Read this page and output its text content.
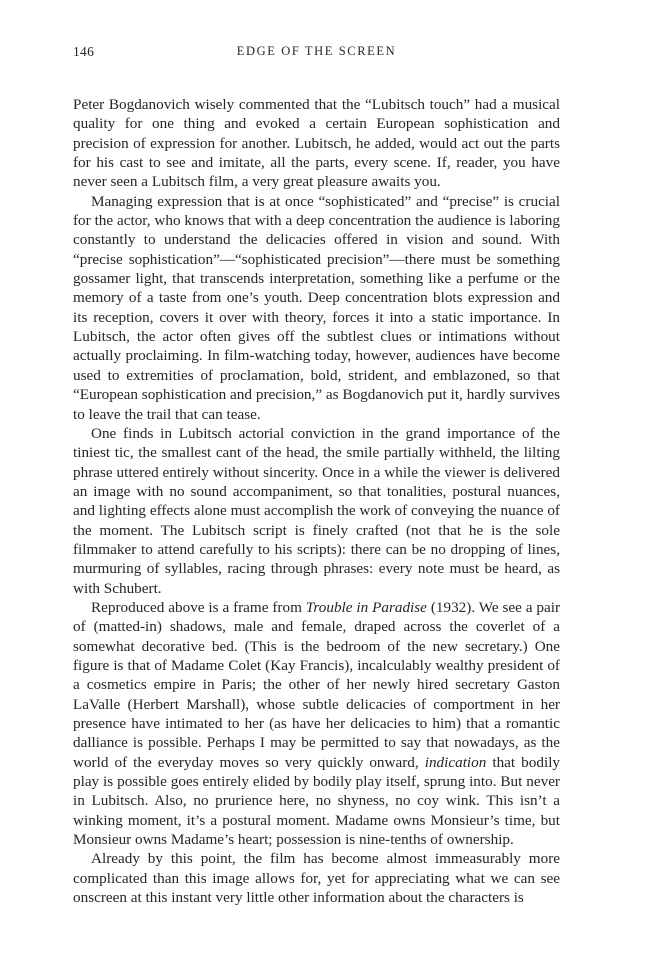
146	EDGE OF THE SCREEN

Peter Bogdanovich wisely commented that the “Lubitsch touch” had a musical quality for one thing and evoked a certain European sophistication and precision of expression for another. Lubitsch, he added, would act out the parts for his cast to see and imitate, all the parts, every scene. If, reader, you have never seen a Lubitsch film, a very great pleasure awaits you.

Managing expression that is at once “sophisticated” and “precise” is crucial for the actor, who knows that with a deep concentration the audience is laboring constantly to understand the delicacies offered in vision and sound. With “precise sophistication”—“sophisticated precision”—there must be something gossamer light, that transcends interpretation, something like a perfume or the memory of a taste from one’s youth. Deep concentration blots expression and its reception, covers it over with theory, forces it into a static importance. In Lubitsch, the actor often gives off the subtlest clues or intimations without actually proclaiming. In film-watching today, however, audiences have become used to extremities of proclamation, bold, strident, and emblazoned, so that “European sophistication and precision,” as Bogdanovich put it, hardly survives to leave the trail that can tease.

One finds in Lubitsch actorial conviction in the grand importance of the tiniest tic, the smallest cant of the head, the smile partially withheld, the lilting phrase uttered entirely without sincerity. Once in a while the viewer is delivered an image with no sound accompaniment, so that tonalities, postural nuances, and lighting effects alone must accomplish the work of conveying the nuance of the moment. The Lubitsch script is finely crafted (not that he is the sole filmmaker to attend carefully to his scripts): there can be no dropping of lines, murmuring of syllables, racing through phrases: every note must be heard, as with Schubert.

Reproduced above is a frame from Trouble in Paradise (1932). We see a pair of (matted-in) shadows, male and female, draped across the coverlet of a somewhat decorative bed. (This is the bedroom of the new secretary.) One figure is that of Madame Colet (Kay Francis), incalculably wealthy president of a cosmetics empire in Paris; the other of her newly hired secretary Gaston LaValle (Herbert Marshall), whose subtle delicacies of comportment in her presence have intimated to her (as have her delicacies to him) that a romantic dalliance is possible. Perhaps I may be permitted to say that nowadays, as the world of the everyday moves so very quickly onward, indication that bodily play is possible goes entirely elided by bodily play itself, sprung into. But never in Lubitsch. Also, no prurience here, no shyness, no coy wink. This isn’t a winking moment, it’s a postural moment. Madame owns Monsieur’s time, but Monsieur owns Madame’s heart; possession is nine-tenths of ownership.

Already by this point, the film has become almost immeasurably more complicated than this image allows for, yet for appreciating what we can see onscreen at this instant very little other information about the characters is
